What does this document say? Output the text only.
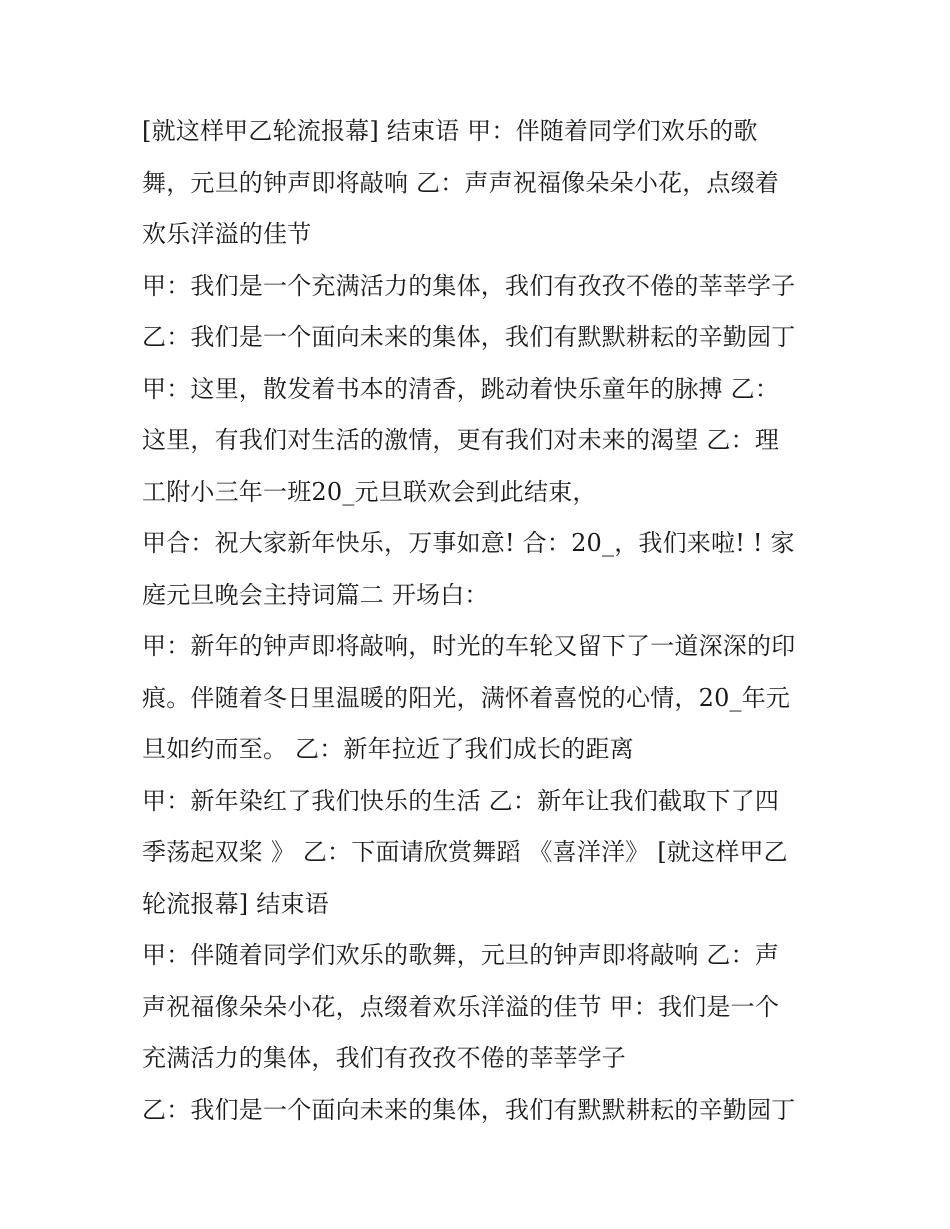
[就这样甲乙轮流报幕] 结束语 甲：伴随着同学们欢乐的歌
舞，元旦的钟声即将敲响 乙：声声祝福像朵朵小花，点缀着
欢乐洋溢的佳节
甲：我们是一个充满活力的集体，我们有孜孜不倦的莘莘学子
乙：我们是一个面向未来的集体，我们有默默耕耘的辛勤园丁
甲：这里，散发着书本的清香，跳动着快乐童年的脉搏 乙：
这里，有我们对生活的激情，更有我们对未来的渴望 乙：理
工附小三年一班20_元旦联欢会到此结束，
甲合：祝大家新年快乐，万事如意! 合：20_，我们来啦! ! 家
庭元旦晚会主持词篇二 开场白：
甲：新年的钟声即将敲响，时光的车轮又留下了一道深深的印
痕。伴随着冬日里温暖的阳光，满怀着喜悦的心情，20_年元
旦如约而至。 乙：新年拉近了我们成长的距离
甲：新年染红了我们快乐的生活 乙：新年让我们截取下了四
季荡起双桨 》 乙：下面请欣赏舞蹈 《喜洋洋》 [就这样甲乙
轮流报幕] 结束语
甲：伴随着同学们欢乐的歌舞，元旦的钟声即将敲响 乙：声
声祝福像朵朵小花，点缀着欢乐洋溢的佳节 甲：我们是一个
充满活力的集体，我们有孜孜不倦的莘莘学子
乙：我们是一个面向未来的集体，我们有默默耕耘的辛勤园丁
